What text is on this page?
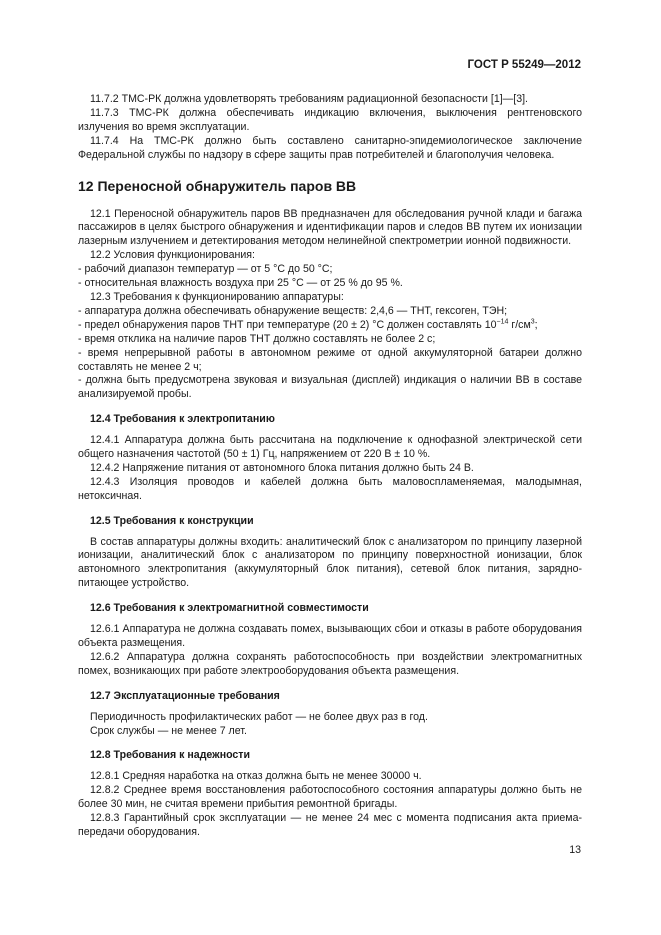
ГОСТ Р 55249—2012

11.7.2 ТМС-РК должна удовлетворять требованиям радиационной безопасности [1]—[3].

11.7.3 ТМС-РК должна обеспечивать индикацию включения, выключения рентгеновского излучения во время эксплуатации.

11.7.4 На ТМС-РК должно быть составлено санитарно-эпидемиологическое заключение Федеральной службы по надзору в сфере защиты прав потребителей и благополучия человека.

12 Переносной обнаружитель паров ВВ

12.1 Переносной обнаружитель паров ВВ предназначен для обследования ручной клади и багажа пассажиров в целях быстрого обнаружения и идентификации паров и следов ВВ путем их ионизации лазерным излучением и детектирования методом нелинейной спектрометрии ионной подвижности.

12.2 Условия функционирования:

- рабочий диапазон температур — от 5 °С до 50 °С;

- относительная влажность воздуха при 25 °С — от 25 % до 95 %.

12.3 Требования к функционированию аппаратуры:

- аппаратура должна обеспечивать обнаружение веществ: 2,4,6 — ТНТ, гексоген, ТЭН;

- предел обнаружения паров ТНТ при температуре (20 ± 2) °С должен составлять $10^{-14}$ $г/см^3$;

- время отклика на наличие паров ТНТ должно составлять не более 2 с;

- время непрерывной работы в автономном режиме от одной аккумуляторной батареи должно составлять не менее 2 ч;

- должна быть предусмотрена звуковая и визуальная (дисплей) индикация о наличии ВВ в составе анализируемой пробы.

12.4 Требования к электропитанию

12.4.1 Аппаратура должна быть рассчитана на подключение к однофазной электрической сети общего назначения частотой (50 ± 1) Гц, напряжением от 220 В ± 10 %.

12.4.2 Напряжение питания от автономного блока питания должно быть 24 В.

12.4.3 Изоляция проводов и кабелей должна быть маловоспламеняемая, малодымная, нетоксичная.

12.5 Требования к конструкции

В состав аппаратуры должны входить: аналитический блок с анализатором по принципу лазерной ионизации, аналитический блок с анализатором по принципу поверхностной ионизации, блок автономного электропитания (аккумуляторный блок питания), сетевой блок питания, зарядно-питающее устройство.

12.6 Требования к электромагнитной совместимости

12.6.1 Аппаратура не должна создавать помех, вызывающих сбои и отказы в работе оборудования объекта размещения.

12.6.2 Аппаратура должна сохранять работоспособность при воздействии электромагнитных помех, возникающих при работе электрооборудования объекта размещения.

12.7 Эксплуатационные требования

Периодичность профилактических работ — не более двух раз в год.

Срок службы — не менее 7 лет.

12.8 Требования к надежности

12.8.1 Средняя наработка на отказ должна быть не менее 30000 ч.

12.8.2 Среднее время восстановления работоспособного состояния аппаратуры должно быть не более 30 мин, не считая времени прибытия ремонтной бригады.

12.8.3 Гарантийный срок эксплуатации — не менее 24 мес с момента подписания акта приема-передачи оборудования.

13
